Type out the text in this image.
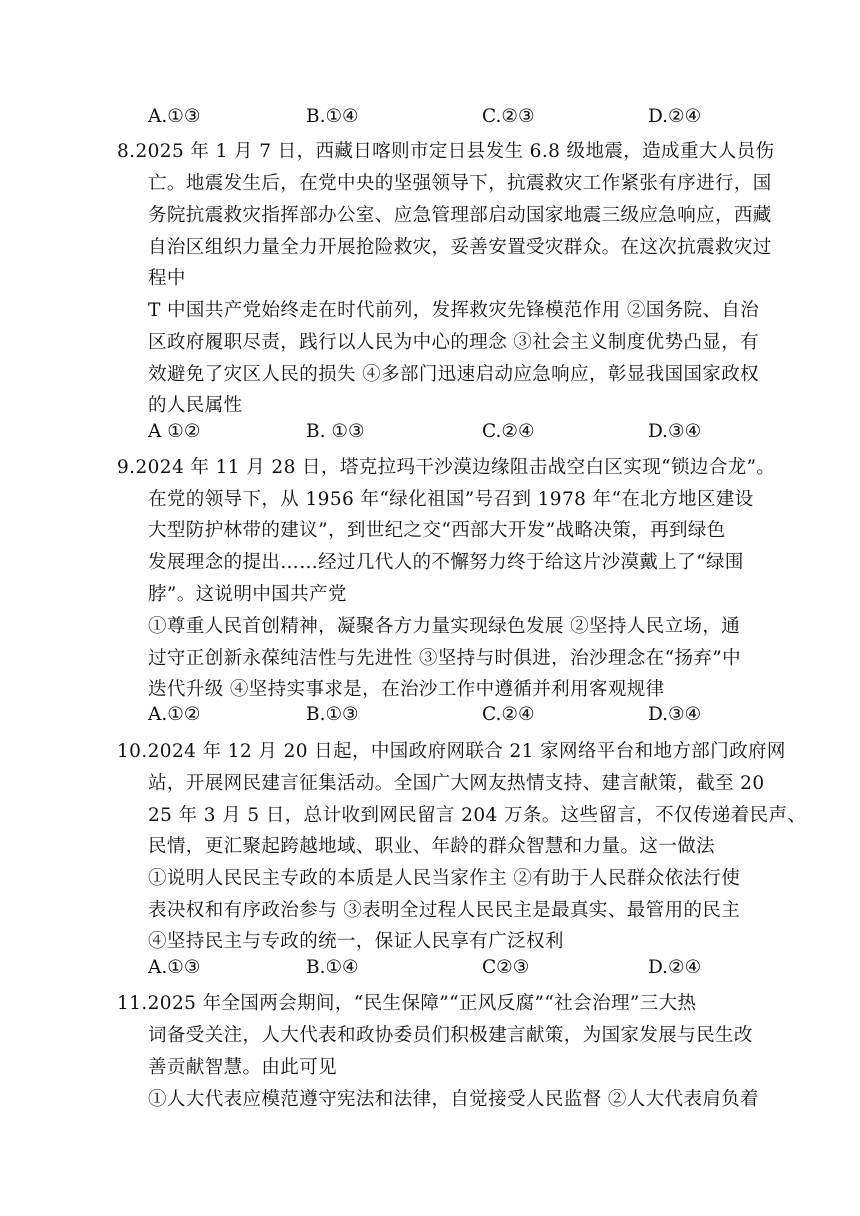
A.①③	B.①④	C.②③	D.②④
8.2025 年 1 月 7 日，西藏日喀则市定日县发生 6.8 级地震，造成重大人员伤
亡。地震发生后，在党中央的坚强领导下，抗震救灾工作紧张有序进行，国
务院抗震救灾指挥部办公室、应急管理部启动国家地震三级应急响应，西藏
自治区组织力量全力开展抢险救灾，妥善安置受灾群众。在这次抗震救灾过
程中
T 中国共产党始终走在时代前列，发挥救灾先锋模范作用 ②国务院、自治
区政府履职尽责，践行以人民为中心的理念 ③社会主义制度优势凸显，有
效避免了灾区人民的损失 ④多部门迅速启动应急响应，彰显我国国家政权
的人民属性
A ①②	B. ①③	C.②④	D.③④
9.2024 年 11 月 28 日，塔克拉玛干沙漠边缘阻击战空白区实现“锁边合龙”。
在党的领导下，从 1956 年“绿化祖国”号召到 1978 年“在北方地区建设
大型防护林带的建议”，到世纪之交“西部大开发”战略决策，再到绿色
发展理念的提出……经过几代人的不懈努力终于给这片沙漠戴上了“绿围
脖”。这说明中国共产党
①尊重人民首创精神，凝聚各方力量实现绿色发展 ②坚持人民立场，通
过守正创新永葆纯洁性与先进性 ③坚持与时俱进，治沙理念在“扬弃”中
迭代升级 ④坚持实事求是，在治沙工作中遵循并利用客观规律
A.①②	B.①③	C.②④	D.③④
10.2024 年 12 月 20 日起，中国政府网联合 21 家网络平台和地方部门政府网
站，开展网民建言征集活动。全国广大网友热情支持、建言献策，截至 20
25 年 3 月 5 日，总计收到网民留言 204 万条。这些留言，不仅传递着民声、
民情，更汇聚起跨越地域、职业、年龄的群众智慧和力量。这一做法
①说明人民民主专政的本质是人民当家作主 ②有助于人民群众依法行使
表决权和有序政治参与 ③表明全过程人民民主是最真实、最管用的民主
④坚持民主与专政的统一，保证人民享有广泛权利
A.①③	B.①④	C②③	D.②④
11.2025 年全国两会期间，“民生保障”“正风反腐”“社会治理”三大热
词备受关注，人大代表和政协委员们积极建言献策，为国家发展与民生改
善贡献智慧。由此可见
①人大代表应模范遵守宪法和法律，自觉接受人民监督 ②人大代表肩负着
